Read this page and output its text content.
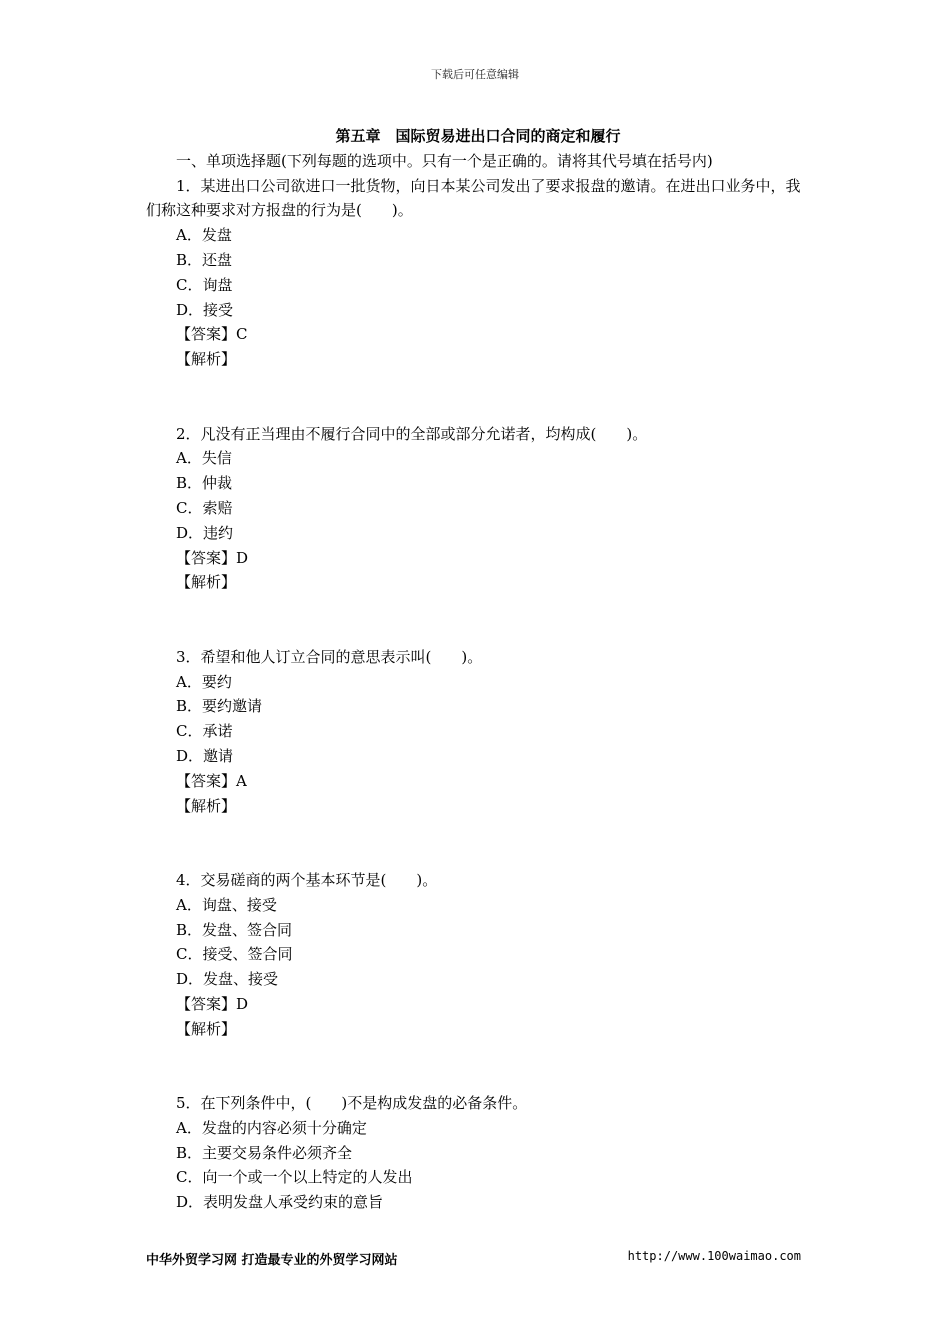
下载后可任意编辑

第五章　国际贸易进出口合同的商定和履行

一、单项选择题(下列每题的选项中。只有一个是正确的。请将其代号填在括号内)

1．某进出口公司欲进口一批货物，向日本某公司发出了要求报盘的邀请。在进出口业务中，我们称这种要求对方报盘的行为是(　　)。

A．发盘

B．还盘

C．询盘

D．接受

【答案】C

【解析】

2．凡没有正当理由不履行合同中的全部或部分允诺者，均构成(　　)。

A．失信

B．仲裁

C．索赔

D．违约

【答案】D

【解析】

3．希望和他人订立合同的意思表示叫(　　)。

A．要约

B．要约邀请

C．承诺

D．邀请

【答案】A

【解析】

4．交易磋商的两个基本环节是(　　)。

A．询盘、接受

B．发盘、签合同

C．接受、签合同

D．发盘、接受

【答案】D

【解析】

5．在下列条件中，(　　)不是构成发盘的必备条件。

A．发盘的内容必须十分确定

B．主要交易条件必须齐全

C．向一个或一个以上特定的人发出

D．表明发盘人承受约束的意旨

中华外贸学习网 打造最专业的外贸学习网站	http://www.100waimao.com
